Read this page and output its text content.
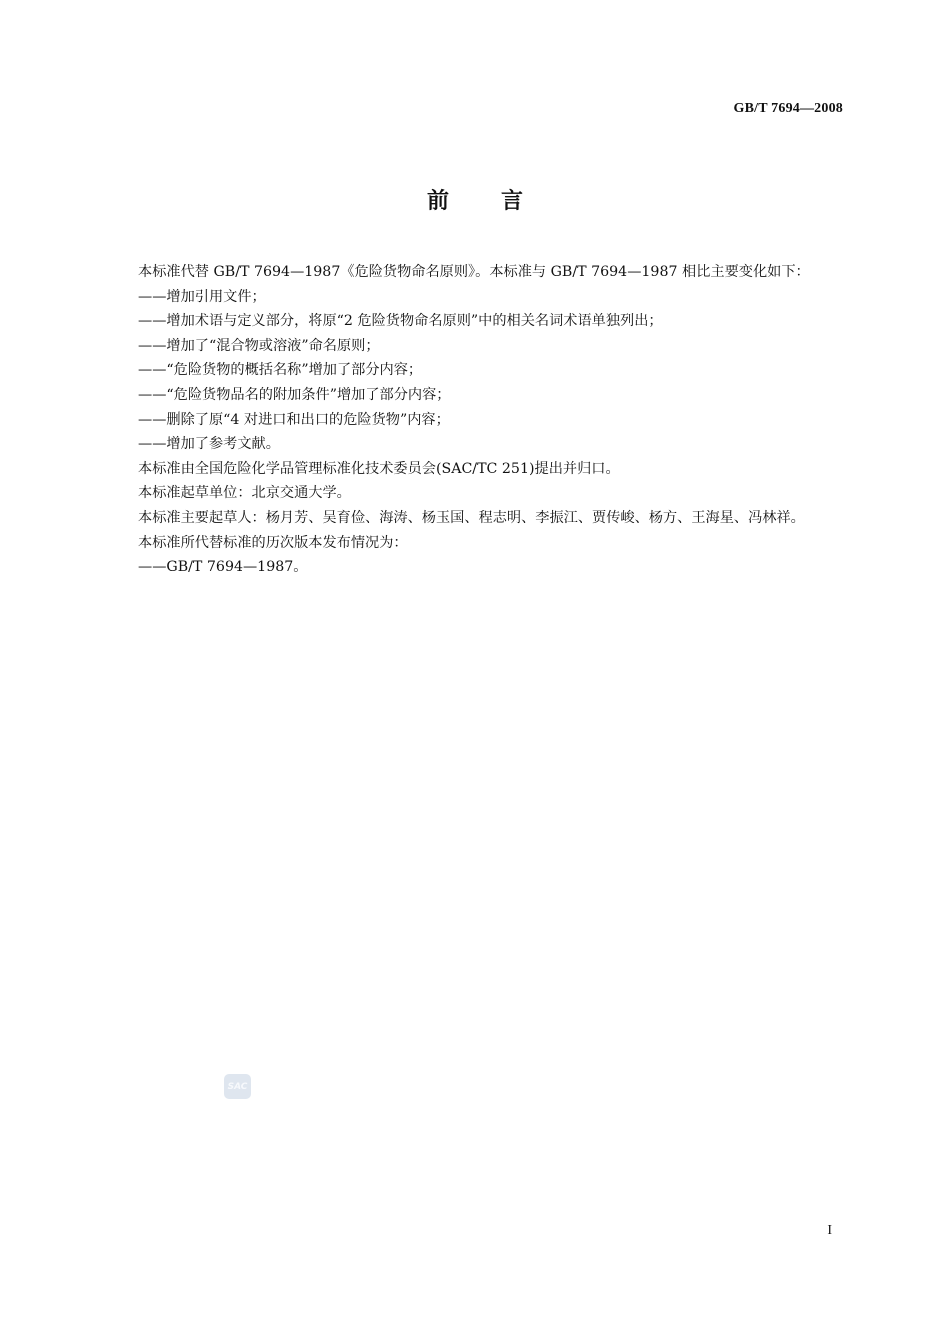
GB/T 7694—2008
前言

本标准代替 GB/T 7694—1987《危险货物命名原则》。本标准与 GB/T 7694—1987 相比主要变化如下：

——增加引用文件；

——增加术语与定义部分，将原“2 危险货物命名原则”中的相关名词术语单独列出；

——增加了“混合物或溶液”命名原则；

——“危险货物的概括名称”增加了部分内容；

——“危险货物品名的附加条件”增加了部分内容；

——删除了原“4 对进口和出口的危险货物”内容；

——增加了参考文献。

本标准由全国危险化学品管理标准化技术委员会(SAC/TC 251)提出并归口。

本标准起草单位：北京交通大学。

本标准主要起草人：杨月芳、吴育俭、海涛、杨玉国、程志明、李振江、贾传峻、杨方、王海星、冯林祥。

本标准所代替标准的历次版本发布情况为：

——GB/T 7694—1987。

SAC
I
